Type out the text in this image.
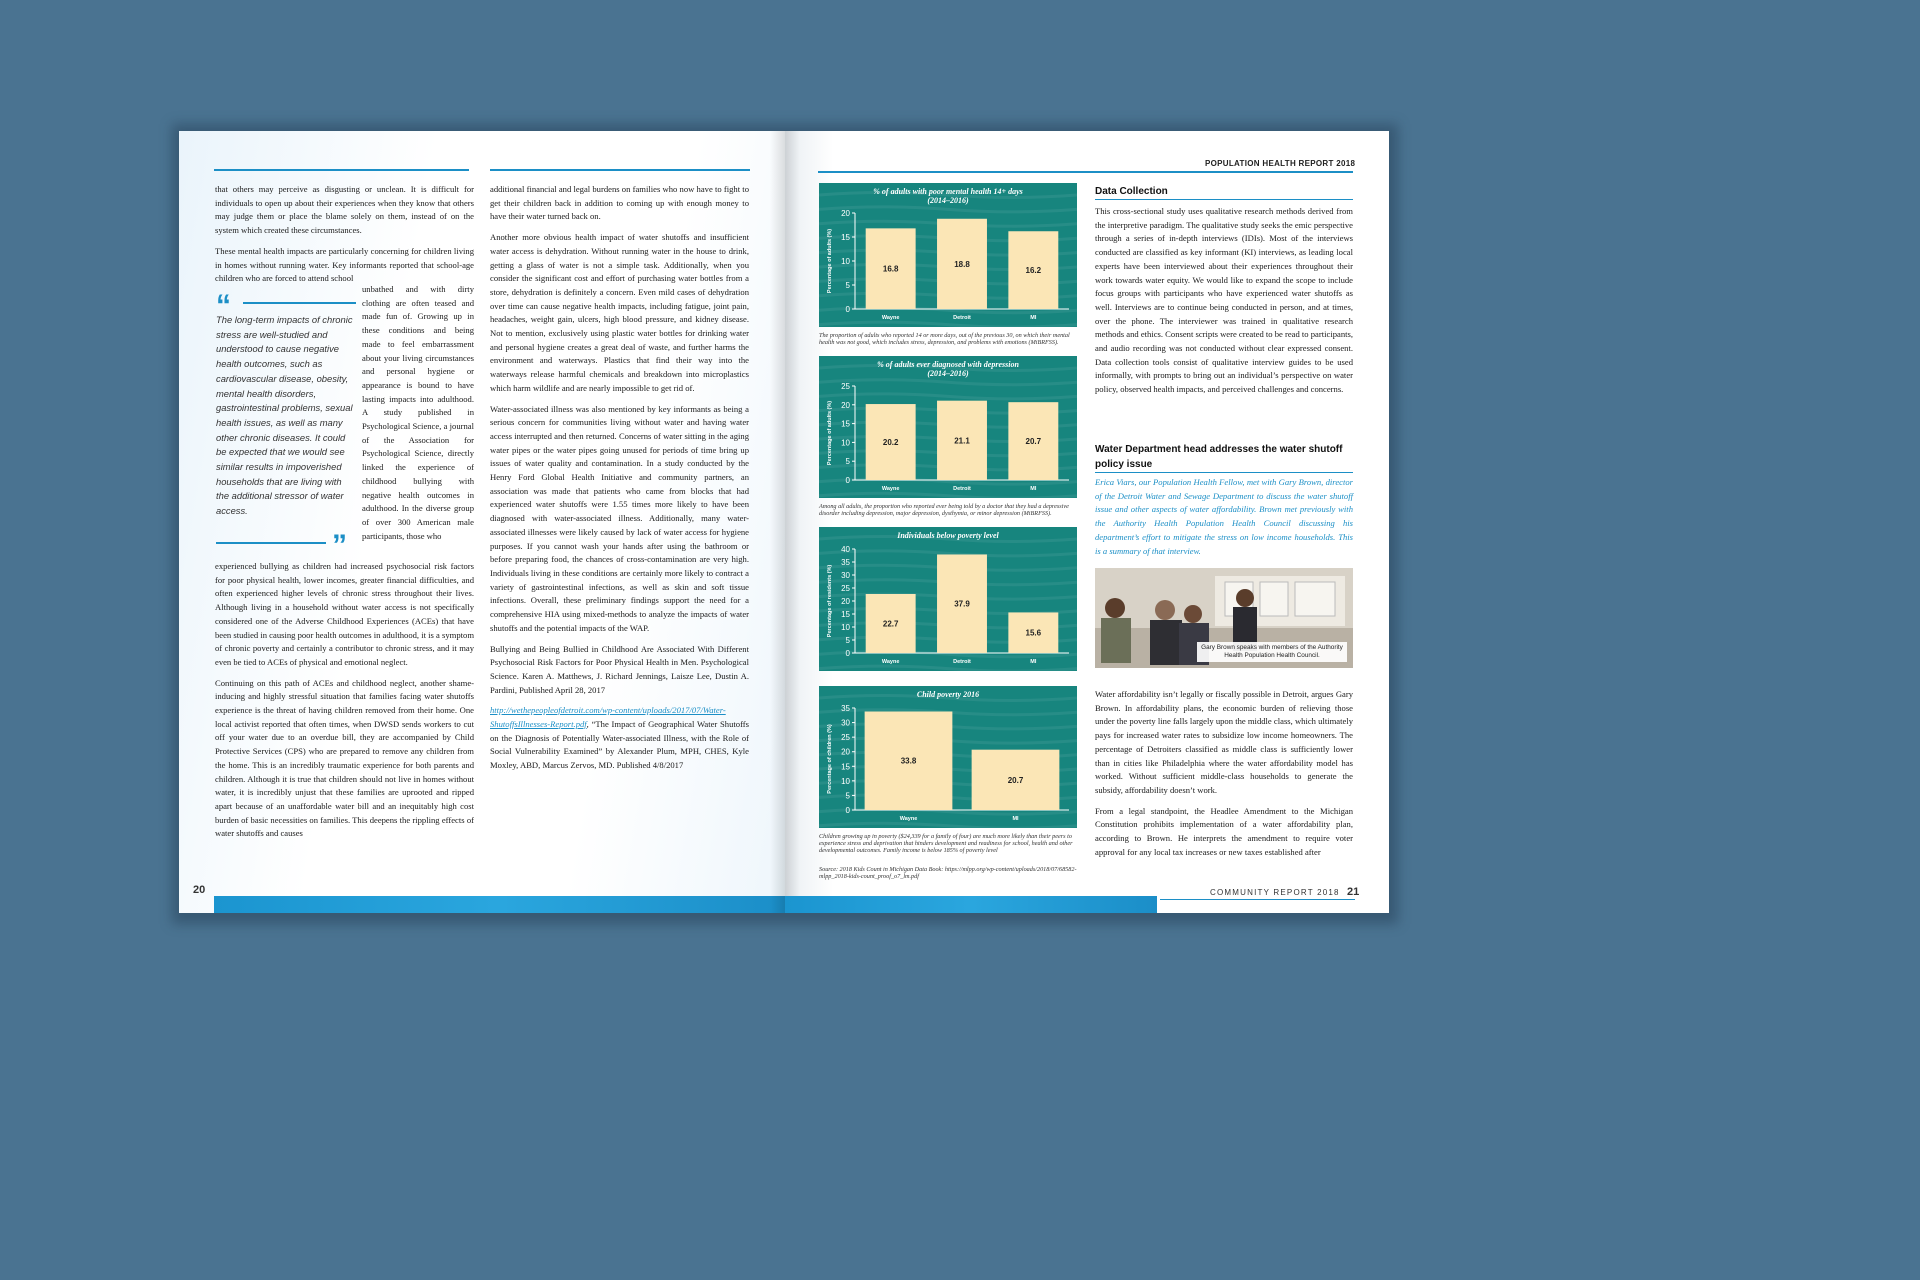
that others may perceive as disgusting or unclean. It is difficult for individuals to open up about their experiences when they know that others may judge them or place the blame solely on them, instead of on the system which created these circumstances.

These mental health impacts are particularly concerning for children living in homes without running water. Key informants reported that school-age children who are forced to attend school

“
The long-term impacts of chronic stress are well-studied and understood to cause negative health outcomes, such as cardiovascular disease, obesity, mental health disorders, gastrointestinal problems, sexual health issues, as well as many other chronic diseases. It could be expected that we would see similar results in impoverished households that are living with the additional stressor of water access.
”

unbathed and with dirty clothing are often teased and made fun of. Growing up in these conditions and being made to feel embarrassment about your living circumstances and personal hygiene or appearance is bound to have lasting impacts into adulthood. A study published in Psychological Science, a journal of the Association for Psychological Science, directly linked the experience of childhood bullying with negative health outcomes in adulthood. In the diverse group of over 300 American male participants, those who

experienced bullying as children had increased psychosocial risk factors for poor physical health, lower incomes, greater financial difficulties, and often experienced higher levels of chronic stress throughout their lives. Although living in a household without water access is not specifically considered one of the Adverse Childhood Experiences (ACEs) that have been studied in causing poor health outcomes in adulthood, it is a symptom of chronic poverty and certainly a contributor to chronic stress, and it may even be tied to ACEs of physical and emotional neglect.

Continuing on this path of ACEs and childhood neglect, another shame-inducing and highly stressful situation that families facing water shutoffs experience is the threat of having children removed from their home. One local activist reported that often times, when DWSD sends workers to cut off your water due to an overdue bill, they are accompanied by Child Protective Services (CPS) who are prepared to remove any children from the home. This is an incredibly traumatic experience for both parents and children. Although it is true that children should not live in homes without water, it is incredibly unjust that these families are uprooted and ripped apart because of an unaffordable water bill and an inequitably high cost burden of basic necessities on families. This deepens the rippling effects of water shutoffs and causes

additional financial and legal burdens on families who now have to fight to get their children back in addition to coming up with enough money to have their water turned back on.

Another more obvious health impact of water shutoffs and insufficient water access is dehydration. Without running water in the house to drink, getting a glass of water is not a simple task. Additionally, when you consider the significant cost and effort of purchasing water bottles from a store, dehydration is definitely a concern. Even mild cases of dehydration over time can cause negative health impacts, including fatigue, joint pain, headaches, weight gain, ulcers, high blood pressure, and kidney disease. Not to mention, exclusively using plastic water bottles for drinking water and personal hygiene creates a great deal of waste, and further harms the environment and waterways. Plastics that find their way into the waterways release harmful chemicals and breakdown into microplastics which harm wildlife and are nearly impossible to get rid of.

Water-associated illness was also mentioned by key informants as being a serious concern for communities living without water and having water access interrupted and then returned. Concerns of water sitting in the aging water pipes or the water pipes going unused for periods of time bring up issues of water quality and contamination. In a study conducted by the Henry Ford Global Health Initiative and community partners, an association was made that patients who came from blocks that had experienced water shutoffs were 1.55 times more likely to have been diagnosed with water-associated illness. Additionally, many water-associated illnesses were likely caused by lack of water access for hygiene purposes. If you cannot wash your hands after using the bathroom or before preparing food, the chances of cross-contamination are very high. Individuals living in these conditions are certainly more likely to contract a variety of gastrointestinal infections, as well as skin and soft tissue infections. Overall, these preliminary findings support the need for a comprehensive HIA using mixed-methods to analyze the impacts of water shutoffs and the potential impacts of the WAP.

Bullying and Being Bullied in Childhood Are Associated With Different Psychosocial Risk Factors for Poor Physical Health in Men. Psychological Science. Karen A. Matthews, J. Richard Jennings, Laisze Lee, Dustin A. Pardini, Published April 28, 2017

http://wethepeopleofdetroit.com/wp-content/uploads/2017/07/Water-ShutoffsIllnesses-Report.pdf, “The Impact of Geographical Water Shutoffs on the Diagnosis of Potentially Water-associated Illness, with the Role of Social Vulnerability Examined” by Alexander Plum, MPH, CHES, Kyle Moxley, ABD, Marcus Zervos, MD. Published 4/8/2017

20
POPULATION HEALTH REPORT 2018
% of adults with poor mental health 14+ days (2014–2016)
0
5
10
15
20
Percentage of adults (%)	16.8
Wayne
18.8
Detroit
16.2
MI
The proportion of adults who reported 14 or more days, out of the previous 30, on which their mental health was not good, which includes stress, depression, and problems with emotions (MiBRFSS).
% of adults ever diagnosed with depression (2014–2016)
0
5
10
15
20
25
Percentage of adults (%)	20.2
Wayne
21.1
Detroit
20.7
MI
Among all adults, the proportion who reported ever being told by a doctor that they had a depressive disorder including depression, major depression, dysthymia, or minor depression (MiBRFSS).
Individuals below poverty level
0
5
10
15
20
25
30
35
40
Percentage of residents (%)	22.7
Wayne
37.9
Detroit
15.6
MI
Child poverty 2016
0
5
10
15
20
25
30
35
Percentage of children (%)	33.8
Wayne
20.7
MI
Children growing up in poverty ($24,339 for a family of four) are much more likely than their peers to experience stress and deprivation that hinders development and readiness for school, health and other developmental outcomes. Family income is below 185% of poverty level
Source: 2018 Kids Count in Michigan Data Book: https://mlpp.org/wp-content/uploads/2018/07/68582-mlpp_2018-kids-count_proof_o7_lm.pdf
Data Collection

This cross-sectional study uses qualitative research methods derived from the interpretive paradigm. The qualitative study seeks the emic perspective through a series of in-depth interviews (IDIs). Most of the interviews conducted are classified as key informant (KI) interviews, as leading local experts have been interviewed about their experiences throughout their work towards water equity. We would like to expand the scope to include focus groups with participants who have experienced water shutoffs as well. Interviews are to continue being conducted in person, and at times, over the phone. The interviewer was trained in qualitative research methods and ethics. Consent scripts were created to be read to participants, and audio recording was not conducted without clear expressed consent. Data collection tools consist of qualitative interview guides to be used informally, with prompts to bring out an individual’s perspective on water policy, observed health impacts, and perceived challenges and concerns.

Water Department head addresses the water shutoff policy issue

Erica Viars, our Population Health Fellow, met with Gary Brown, director of the Detroit Water and Sewage Department to discuss the water shutoff issue and other aspects of water affordability. Brown met previously with the Authority Health Population Health Council discussing his department’s effort to mitigate the stress on low income households. This is a summary of that interview.

Gary Brown speaks with members of the Authority Health Population Health Council.

Water affordability isn’t legally or fiscally possible in Detroit, argues Gary Brown. In affordability plans, the economic burden of relieving those under the poverty line falls largely upon the middle class, which ultimately pays for increased water rates to subsidize low income homeowners. The percentage of Detroiters classified as middle class is sufficiently lower than in cities like Philadelphia where the water affordability model has worked. Without sufficient middle-class households to generate the subsidy, affordability doesn’t work.

From a legal standpoint, the Headlee Amendment to the Michigan Constitution prohibits implementation of a water affordability plan, according to Brown. He interprets the amendment to require voter approval for any local tax increases or new taxes established after

COMMUNITY REPORT 2018 21
